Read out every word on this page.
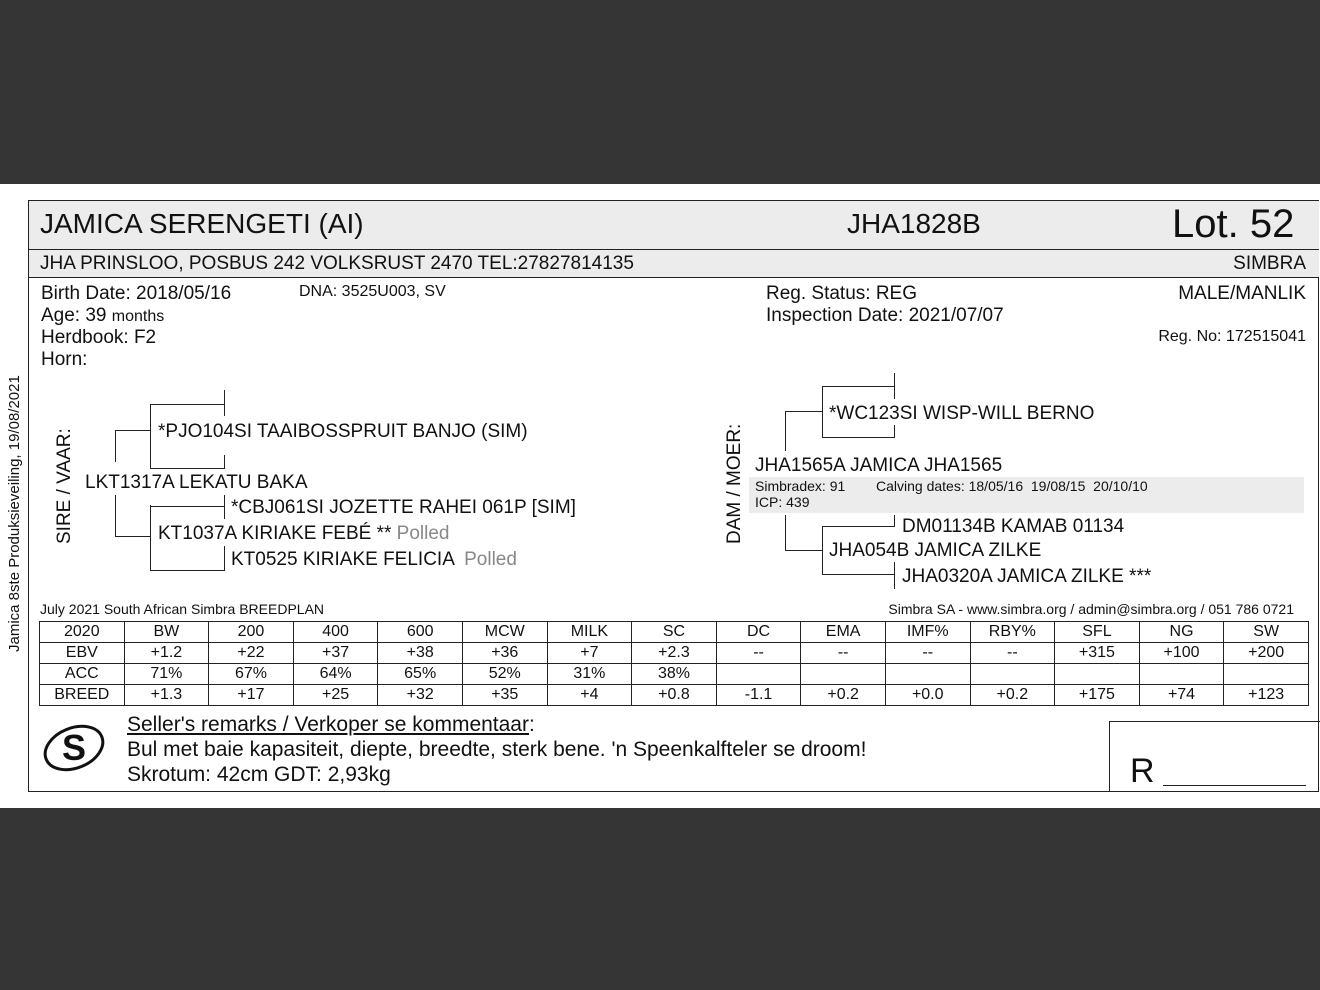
Jamica 8ste Produksieveiling, 19/08/2021
JAMICA SERENGETI (AI)	JHA1828B	Lot. 52
JHA PRINSLOO, POSBUS 242 VOLKSRUST 2470 TEL:27827814135	SIMBRA
Birth Date: 2018/05/16	DNA: 3525U003, SV
Age: 39 months
Herdbook: F2
Horn:
Reg. Status: REG
Inspection Date: 2021/07/07
MALE/MANLIK
Reg. No: 172515041
SIRE / VAAR:	*PJO104SI TAAIBOSSPRUIT BANJO (SIM)
LKT1317A LEKATU BAKA
*CBJ061SI JOZETTE RAHEI 061P [SIM]
KT1037A KIRIAKE FEBÉ ** Polled
KT0525 KIRIAKE FELICIA Polled
DAM / MOER:
*WC123SI WISP-WILL BERNO
JHA1565A JAMICA JHA1565
Simbradex: 91 Calving dates: 18/05/16  19/08/15  20/10/10
ICP: 439
DM01134B KAMAB 01134
JHA054B JAMICA ZILKE
JHA0320A JAMICA ZILKE ***
July 2021 South African Simbra BREEDPLAN	Simbra SA - www.simbra.org / admin@simbra.org / 051 786 0721
2020	BW	200	400	600	MCW	MILK	SC	DC	EMA	IMF%	RBY%	SFL	NG	SW
EBV	+1.2	+22	+37	+38	+36	+7	+2.3	--	--	--	--	+315	+100	+200
ACC	71%	67%	64%	65%	52%	31%	38%							
BREED	+1.3	+17	+25	+32	+35	+4	+0.8	-1.1	+0.2	+0.0	+0.2	+175	+74	+123
S
Seller's remarks / Verkoper se kommentaar:
Bul met baie kapasiteit, diepte, breedte, sterk bene. 'n Speenkalfteler se droom!
Skrotum: 42cm GDT: 2,93kg	R
